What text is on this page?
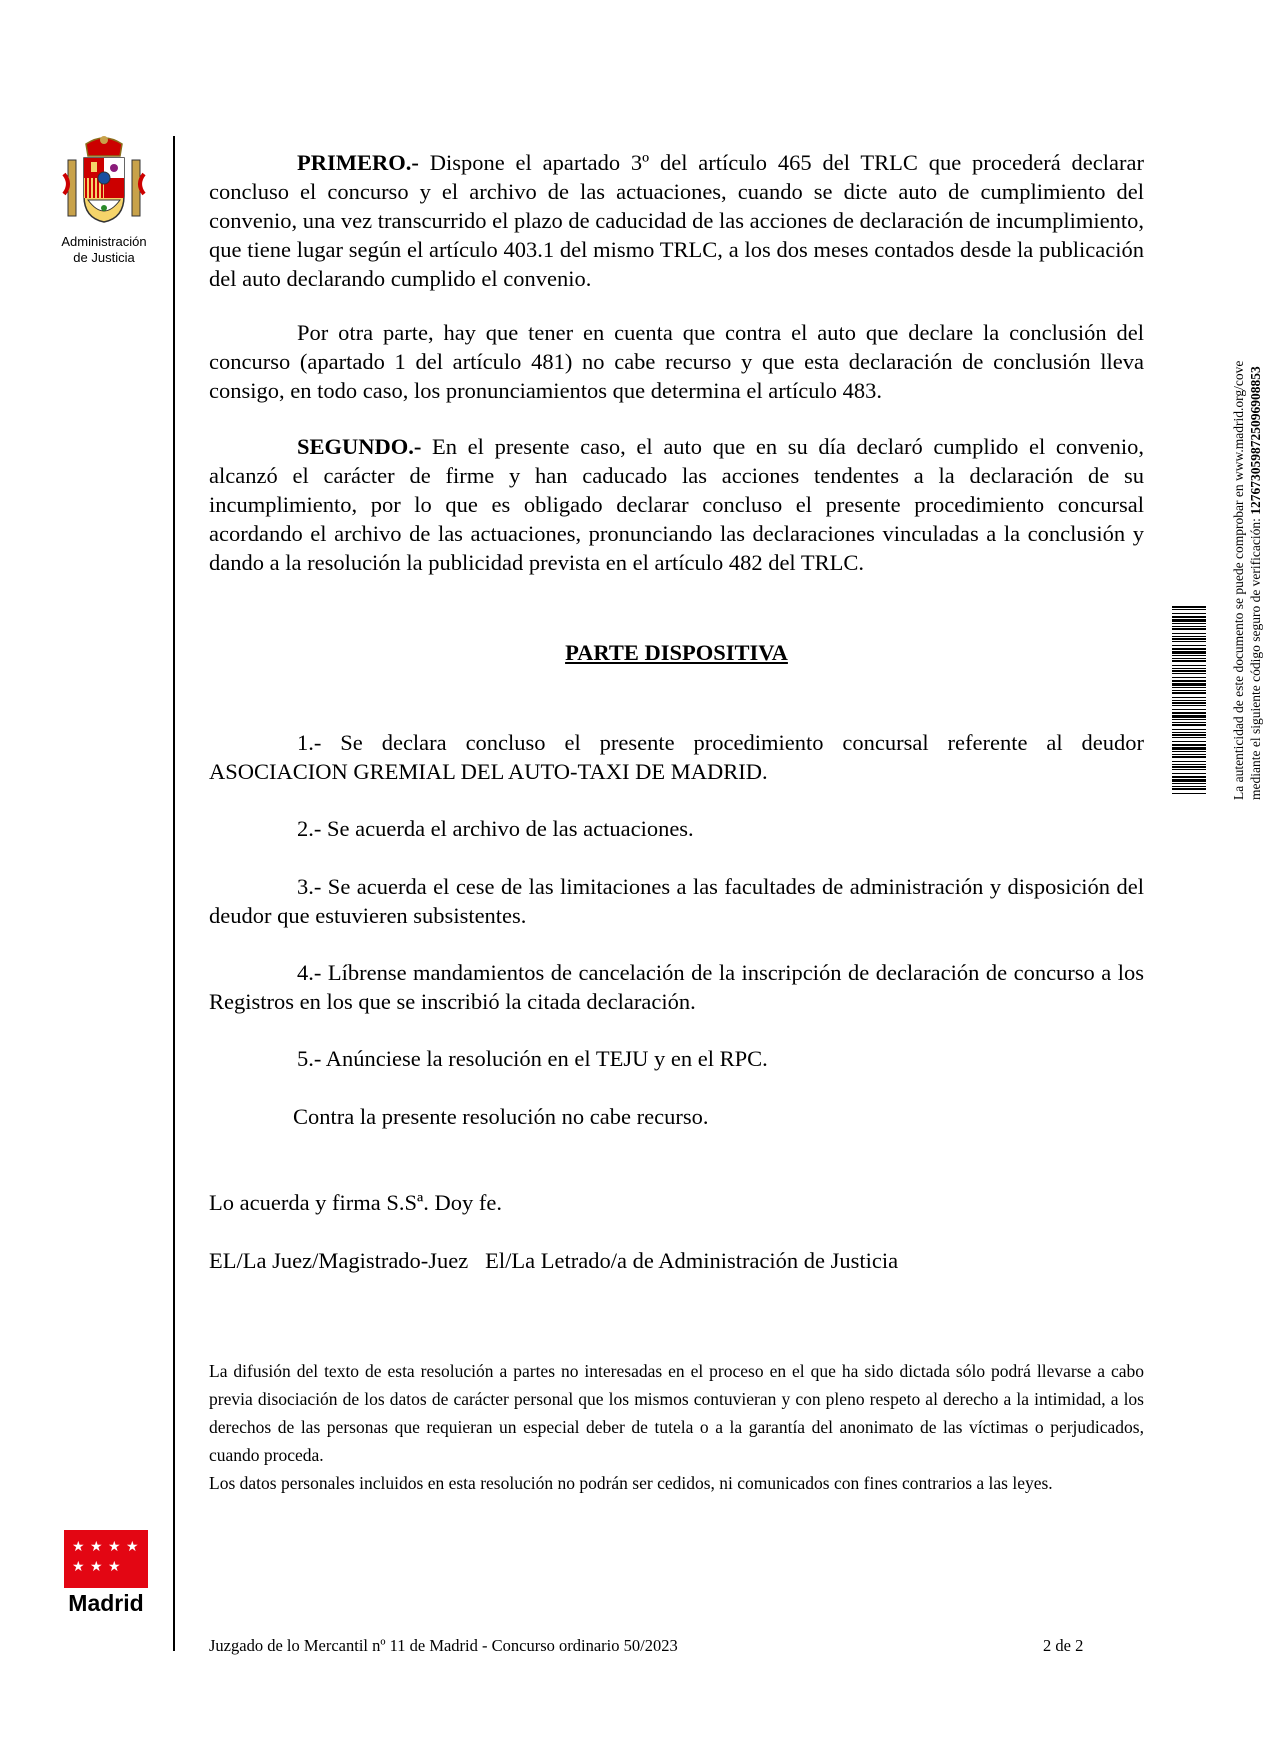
Administración
de Justicia

PRIMERO.- Dispone el apartado 3º del artículo 465 del TRLC que procederá declarar concluso el concurso y el archivo de las actuaciones, cuando se dicte auto de cumplimiento del convenio, una vez transcurrido el plazo de caducidad de las acciones de declaración de incumplimiento, que tiene lugar según el artículo 403.1 del mismo TRLC, a los dos meses contados desde la publicación del auto declarando cumplido el convenio.

Por otra parte, hay que tener en cuenta que contra el auto que declare la conclusión del concurso (apartado 1 del artículo 481) no cabe recurso y que esta declaración de conclusión lleva consigo, en todo caso, los pronunciamientos que determina el artículo 483.

SEGUNDO.- En el presente caso, el auto que en su día declaró cumplido el convenio, alcanzó el carácter de firme y han caducado las acciones tendentes a la declaración de su incumplimiento, por lo que es obligado declarar concluso el presente procedimiento concursal acordando el archivo de las actuaciones, pronunciando las declaraciones vinculadas a la conclusión y dando a la resolución la publicidad prevista en el artículo 482 del TRLC.

PARTE DISPOSITIVA

1.- Se declara concluso el presente procedimiento concursal referente al deudor ASOCIACION GREMIAL DEL AUTO-TAXI DE MADRID.

2.- Se acuerda el archivo de las actuaciones.

3.- Se acuerda el cese de las limitaciones a las facultades de administración y disposición del deudor que estuvieren subsistentes.

4.- Líbrense mandamientos de cancelación de la inscripción de declaración de concurso a los Registros en los que se inscribió la citada declaración.

5.- Anúnciese la resolución en el TEJU y en el RPC.

Contra la presente resolución no cabe recurso.

Lo acuerda y firma S.Sª. Doy fe.

EL/La Juez/Magistrado-Juez   El/La Letrado/a de Administración de Justicia

La difusión del texto de esta resolución a partes no interesadas en el proceso en el que ha sido dictada sólo podrá llevarse a cabo previa disociación de los datos de carácter personal que los mismos contuvieran y con pleno respeto al derecho a la intimidad, a los derechos de las personas que requieran un especial deber de tutela o a la garantía del anonimato de las víctimas o perjudicados, cuando proceda.

Los datos personales incluidos en esta resolución no podrán ser cedidos, ni comunicados con fines contrarios a las leyes.

★ ★ ★ ★
★ ★ ★
Madrid
Juzgado de lo Mercantil nº 11 de Madrid - Concurso ordinario 50/2023	2 de 2
La autenticidad de este documento se puede comprobar en www.madrid.org/cove mediante el siguiente código seguro de verificación: 1276730598725096908853
